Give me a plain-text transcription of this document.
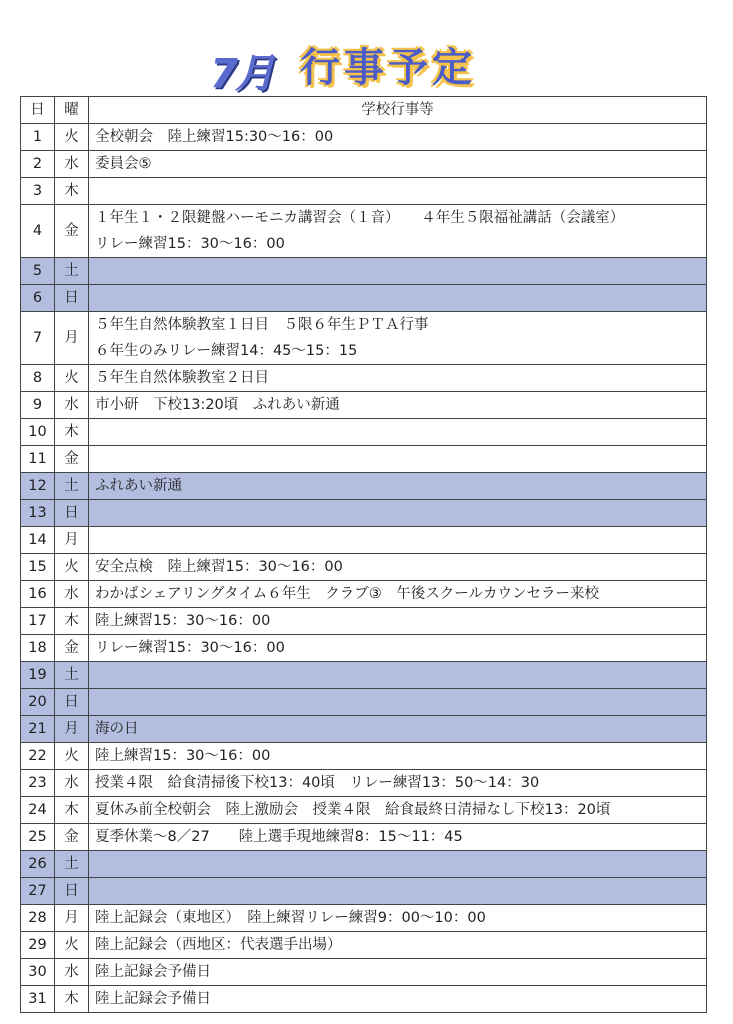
7月 行事予定
日	曜	学校行事等
1	火	全校朝会　陸上練習15:30～16：00

2	水	委員会⑤

3	木	

4	金	１年生１・２限鍵盤ハーモニカ講習会（１音）　　４年生５限福祉講話（会議室）
リレー練習15：30～16：00

5	土	

6	日	

7	月	５年生自然体験教室１日目　５限６年生ＰＴＡ行事
６年生のみリレー練習14：45～15：15

8	火	５年生自然体験教室２日目

9	水	市小研　下校13:20頃　ふれあい新通

10	木	

11	金	

12	土	ふれあい新通

13	日	

14	月	

15	火	安全点検　陸上練習15：30～16：00

16	水	わかばシェアリングタイム６年生　クラブ③　午後スクールカウンセラー来校

17	木	陸上練習15：30～16：00

18	金	リレー練習15：30～16：00

19	土	

20	日	

21	月	海の日

22	火	陸上練習15：30～16：00

23	水	授業４限　給食清掃後下校13：40頃　リレー練習13：50～14：30

24	木	夏休み前全校朝会　陸上激励会　授業４限　給食最終日清掃なし下校13：20頃

25	金	夏季休業～8／27　　陸上選手現地練習8：15～11：45

26	土	

27	日	

28	月	陸上記録会（東地区）　陸上練習リレー練習9：00～10：00

29	火	陸上記録会（西地区：代表選手出場）

30	水	陸上記録会予備日

31	木	陸上記録会予備日
